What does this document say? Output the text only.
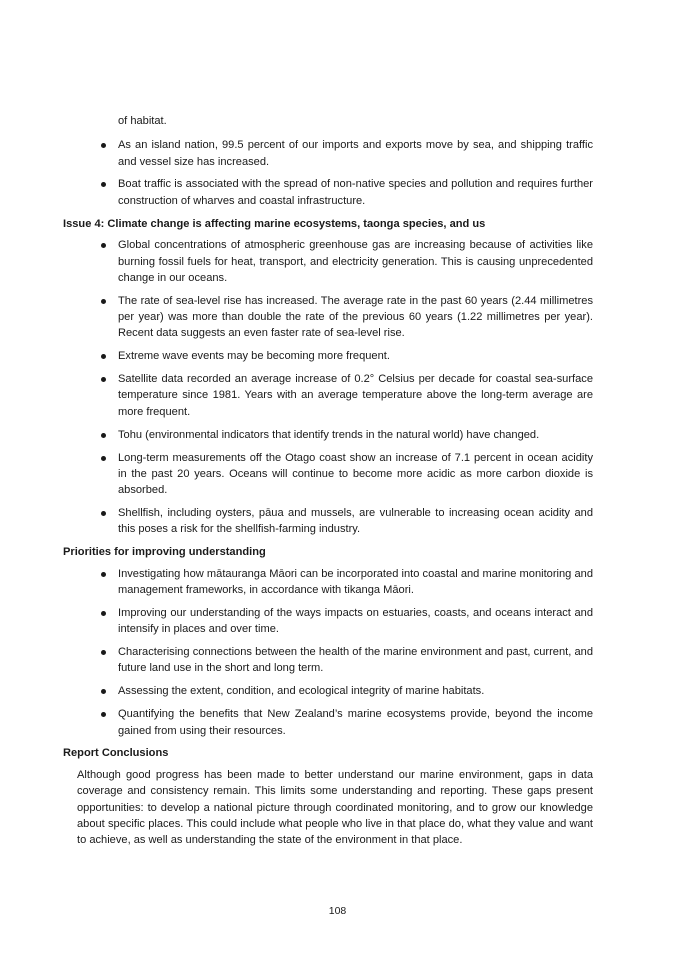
of habitat.

As an island nation, 99.5 percent of our imports and exports move by sea, and shipping traffic and vessel size has increased.
Boat traffic is associated with the spread of non-native species and pollution and requires further construction of wharves and coastal infrastructure.
Issue 4: Climate change is affecting marine ecosystems, taonga species, and us
Global concentrations of atmospheric greenhouse gas are increasing because of activities like burning fossil fuels for heat, transport, and electricity generation. This is causing unprecedented change in our oceans.
The rate of sea-level rise has increased. The average rate in the past 60 years (2.44 millimetres per year) was more than double the rate of the previous 60 years (1.22 millimetres per year). Recent data suggests an even faster rate of sea-level rise.
Extreme wave events may be becoming more frequent.
Satellite data recorded an average increase of 0.2° Celsius per decade for coastal sea-surface temperature since 1981. Years with an average temperature above the long-term average are more frequent.
Tohu (environmental indicators that identify trends in the natural world) have changed.
Long-term measurements off the Otago coast show an increase of 7.1 percent in ocean acidity in the past 20 years. Oceans will continue to become more acidic as more carbon dioxide is absorbed.
Shellfish, including oysters, pāua and mussels, are vulnerable to increasing ocean acidity and this poses a risk for the shellfish-farming industry.
Priorities for improving understanding
Investigating how mātauranga Māori can be incorporated into coastal and marine monitoring and management frameworks, in accordance with tikanga Māori.
Improving our understanding of the ways impacts on estuaries, coasts, and oceans interact and intensify in places and over time.
Characterising connections between the health of the marine environment and past, current, and future land use in the short and long term.
Assessing the extent, condition, and ecological integrity of marine habitats.
Quantifying the benefits that New Zealand’s marine ecosystems provide, beyond the income gained from using their resources.
Report Conclusions

Although good progress has been made to better understand our marine environment, gaps in data coverage and consistency remain. This limits some understanding and reporting. These gaps present opportunities: to develop a national picture through coordinated monitoring, and to grow our knowledge about specific places. This could include what people who live in that place do, what they value and want to achieve, as well as understanding the state of the environment in that place.

108
